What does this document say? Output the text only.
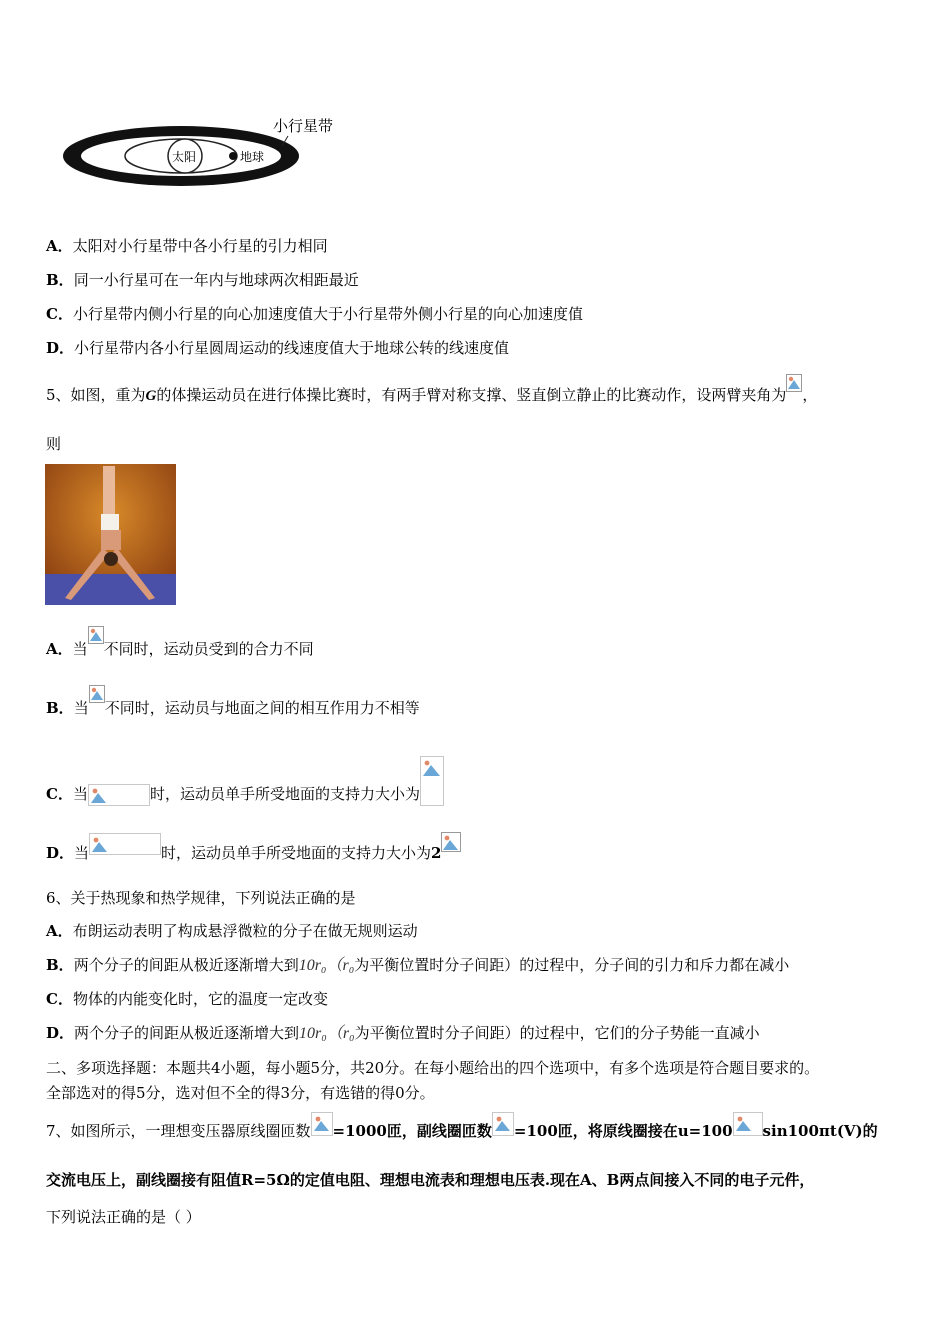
太阳	地球
小行星带
A．太阳对小行星带中各小行星的引力相同
B．同一小行星可在一年内与地球两次相距最近
C．小行星带内侧小行星的向心加速度值大于小行星带外侧小行星的向心加速度值
D．小行星带内各小行星圆周运动的线速度值大于地球公转的线速度值
5、如图，重为G的体操运动员在进行体操比赛时，有两手臂对称支撑、竖直倒立静止的比赛动作，设两臂夹角为 ，
则
A．当 不同时，运动员受到的合力不同
B．当 不同时，运动员与地面之间的相互作用力不相等
C．当	时，运动员单手所受地面的支持力大小为
D．当	时，运动员单手所受地面的支持力大小为2
6、关于热现象和热学规律，下列说法正确的是
A．布朗运动表明了构成悬浮微粒的分子在做无规则运动
B．两个分子的间距从极近逐渐增大到10r₀（r₀为平衡位置时分子间距）的过程中，分子间的引力和斥力都在减小
C．物体的内能变化时，它的温度一定改变
D．两个分子的间距从极近逐渐增大到10r₀（r₀为平衡位置时分子间距）的过程中，它们的分子势能一直减小
二、多项选择题：本题共4小题，每小题5分，共20分。在每小题给出的四个选项中，有多个选项是符合题目要求的。
全部选对的得5分，选对但不全的得3分，有选错的得0分。
7、如图所示，一理想变压器原线圈匝数 =1000匝，副线圈匝数 =100匝，将原线圈接在u=100 sin100πt(V)的
交流电压上，副线圈接有阻值R=5Ω的定值电阻、理想电流表和理想电压表.现在A、B两点间接入不同的电子元件，
下列说法正确的是（ ）
